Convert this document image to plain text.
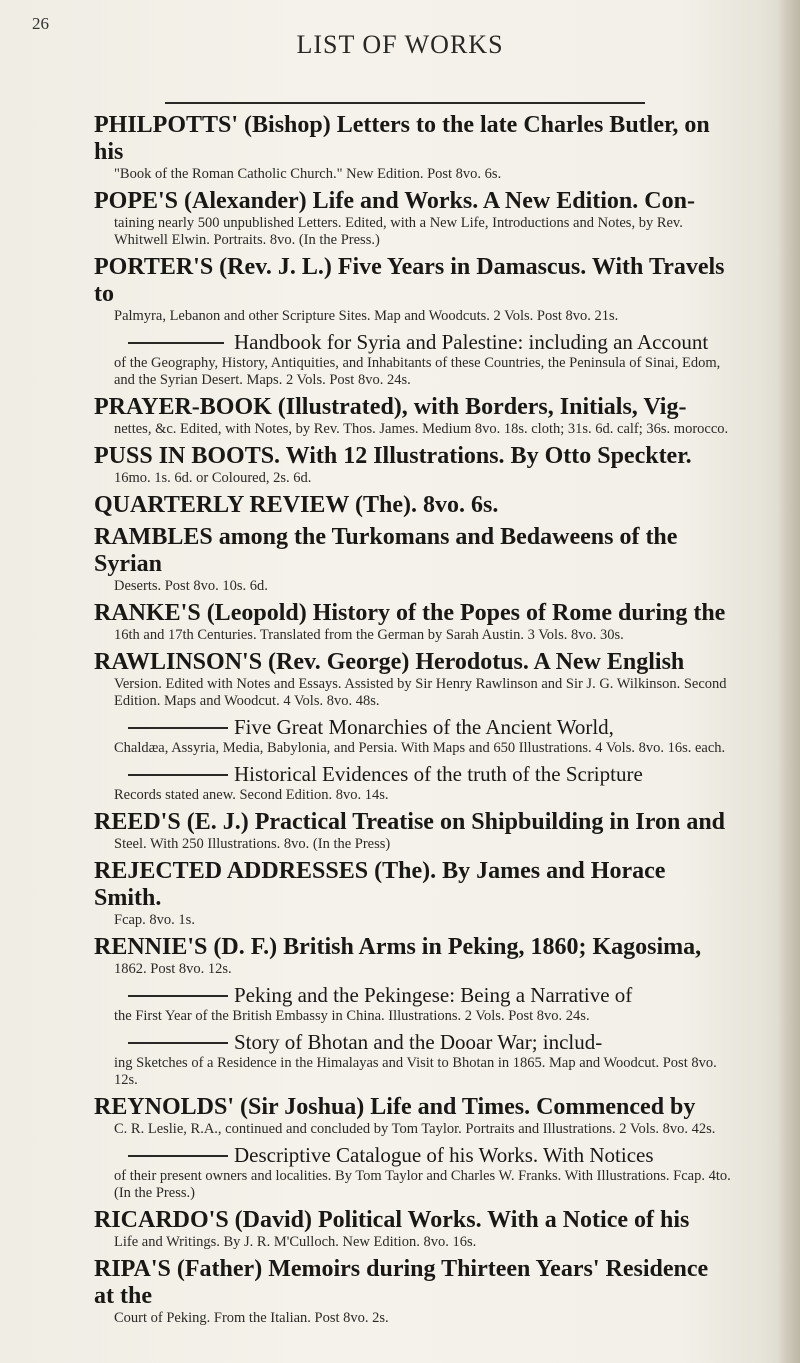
26
LIST OF WORKS
PHILPOTTS' (Bishop) Letters to the late Charles Butler, on his
"Book of the Roman Catholic Church." New Edition. Post 8vo. 6s.
POPE'S (Alexander) Life and Works. A New Edition. Con-
taining nearly 500 unpublished Letters. Edited, with a New Life, Introductions and Notes, by Rev. Whitwell Elwin. Portraits. 8vo. (In the Press.)
PORTER'S (Rev. J. L.) Five Years in Damascus. With Travels to
Palmyra, Lebanon and other Scripture Sites. Map and Woodcuts. 2 Vols. Post 8vo. 21s.
Handbook for Syria and Palestine: including an Account
of the Geography, History, Antiquities, and Inhabitants of these Countries, the Peninsula of Sinai, Edom, and the Syrian Desert. Maps. 2 Vols. Post 8vo. 24s.
PRAYER-BOOK (Illustrated), with Borders, Initials, Vig-
nettes, &c. Edited, with Notes, by Rev. Thos. James. Medium 8vo. 18s. cloth; 31s. 6d. calf; 36s. morocco.
PUSS IN BOOTS. With 12 Illustrations. By Otto Speckter.
16mo. 1s. 6d. or Coloured, 2s. 6d.
QUARTERLY REVIEW (The). 8vo. 6s.
RAMBLES among the Turkomans and Bedaweens of the Syrian
Deserts. Post 8vo. 10s. 6d.
RANKE'S (Leopold) History of the Popes of Rome during the
16th and 17th Centuries. Translated from the German by Sarah Austin. 3 Vols. 8vo. 30s.
RAWLINSON'S (Rev. George) Herodotus. A New English
Version. Edited with Notes and Essays. Assisted by Sir Henry Rawlinson and Sir J. G. Wilkinson. Second Edition. Maps and Woodcut. 4 Vols. 8vo. 48s.
Five Great Monarchies of the Ancient World,
Chaldæa, Assyria, Media, Babylonia, and Persia. With Maps and 650 Illustrations. 4 Vols. 8vo. 16s. each.
Historical Evidences of the truth of the Scripture
Records stated anew. Second Edition. 8vo. 14s.
REED'S (E. J.) Practical Treatise on Shipbuilding in Iron and
Steel. With 250 Illustrations. 8vo. (In the Press)
REJECTED ADDRESSES (The). By James and Horace Smith.
Fcap. 8vo. 1s.
RENNIE'S (D. F.) British Arms in Peking, 1860; Kagosima,
1862. Post 8vo. 12s.
Peking and the Pekingese: Being a Narrative of
the First Year of the British Embassy in China. Illustrations. 2 Vols. Post 8vo. 24s.
Story of Bhotan and the Dooar War; includ-
ing Sketches of a Residence in the Himalayas and Visit to Bhotan in 1865. Map and Woodcut. Post 8vo. 12s.
REYNOLDS' (Sir Joshua) Life and Times. Commenced by
C. R. Leslie, R.A., continued and concluded by Tom Taylor. Portraits and Illustrations. 2 Vols. 8vo. 42s.
Descriptive Catalogue of his Works. With Notices
of their present owners and localities. By Tom Taylor and Charles W. Franks. With Illustrations. Fcap. 4to. (In the Press.)
RICARDO'S (David) Political Works. With a Notice of his
Life and Writings. By J. R. M'Culloch. New Edition. 8vo. 16s.
RIPA'S (Father) Memoirs during Thirteen Years' Residence at the
Court of Peking. From the Italian. Post 8vo. 2s.
